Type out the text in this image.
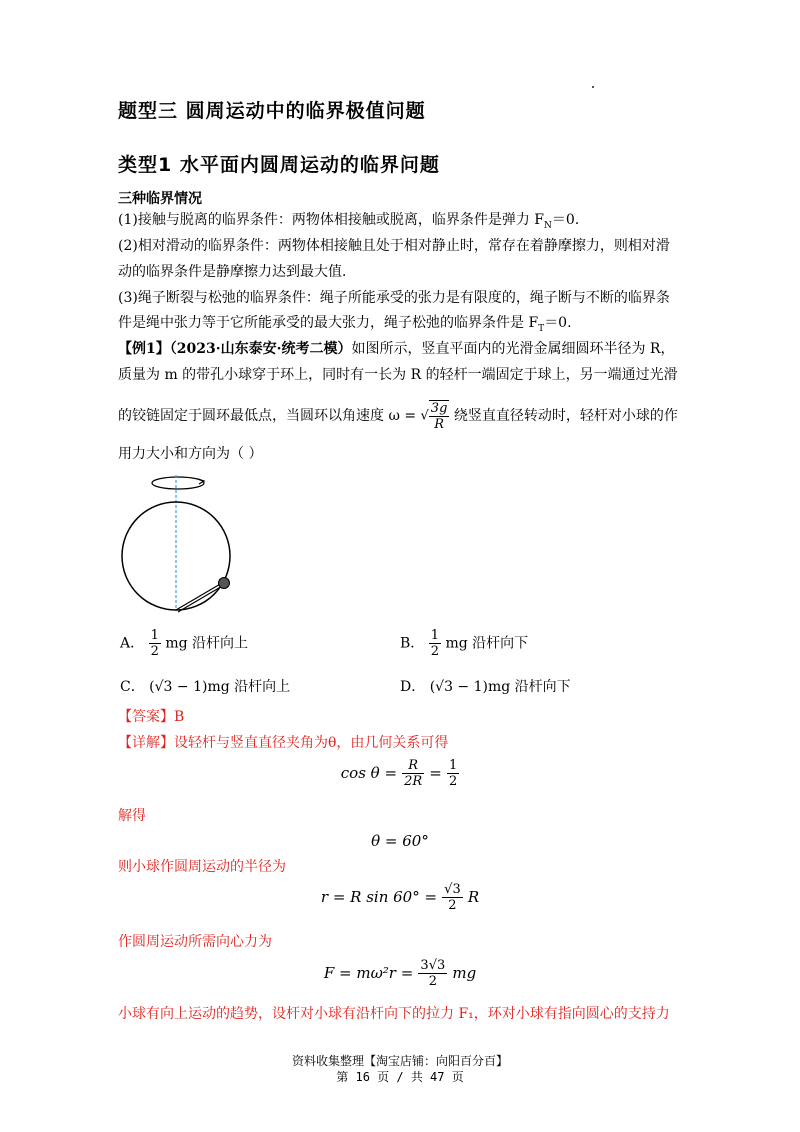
题型三 圆周运动中的临界极值问题
类型1 水平面内圆周运动的临界问题
三种临界情况
(1)接触与脱离的临界条件：两物体相接触或脱离，临界条件是弹力 $F_N=0$.
(2)相对滑动的临界条件：两物体相接触且处于相对静止时，常存在着静摩擦力，则相对滑
动的临界条件是静摩擦力达到最大值．
(3)绳子断裂与松弛的临界条件：绳子所能承受的张力是有限度的，绳子断与不断的临界条
件是绳中张力等于它所能承受的最大张力，绳子松弛的临界条件是 $F_T=0$.
【例1】（2023·山东泰安·统考二模）如图所示，竖直平面内的光滑金属细圆环半径为 R，
质量为 m 的带孔小球穿于环上，同时有一长为 R 的轻杆一端固定于球上，另一端通过光滑
的铰链固定于圆环最低点，当圆环以角速度 ω = √ $\frac{3g}{R}$ 绕竖直直径转动时，轻杆对小球的作
用力大小和方向为（ ）
A． $\frac{1}{2}$ mg 沿杆向上	B． $\frac{1}{2}$ mg 沿杆向下
C． (√3 − 1)mg 沿杆向上	D． (√3 − 1)mg 沿杆向下
【答案】B
【详解】设轻杆与竖直直径夹角为θ，由几何关系可得
$\cos \theta = \frac{R}{2R} = \frac{1}{2}$
解得
θ = 60°
则小球作圆周运动的半径为
r = R $\sin 60^\circ = \frac{√3}{2}$ R
作圆周运动所需向心力为
$F = m\omega^2r = \frac{3√3}{2}$ mg
小球有向上运动的趋势，设杆对小球有沿杆向下的拉力 F₁，环对小球有指向圆心的支持力
资料收集整理【淘宝店铺：向阳百分百】
第 16 页 / 共 47 页
